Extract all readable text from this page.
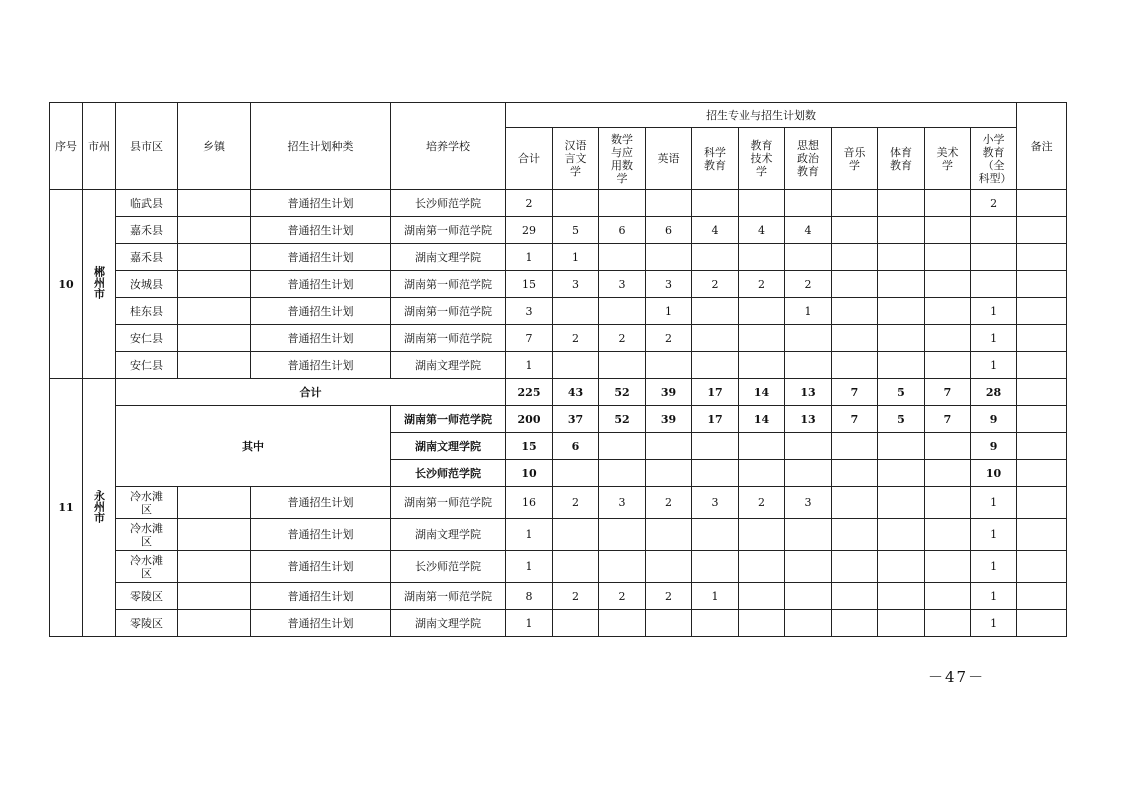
序号	市州	县市区	乡镇	招生计划种类	培养学校	招生专业与招生计划数											备注
						合计	汉语言文学	数学与应用数学	英语	科学教育	教育技术学	思想政治教育	音乐学	体育教育	美术学	小学教育（全科型）	

10	郴州市	临武县		普通招生计划	长沙师范学院	2										2	
		嘉禾县		普通招生计划	湖南第一师范学院	29	5	6	6	4	4	4					
		嘉禾县		普通招生计划	湖南文理学院	1	1										
		汝城县		普通招生计划	湖南第一师范学院	15	3	3	3	2	2	2					
		桂东县		普通招生计划	湖南第一师范学院	3			1			1				1	
		安仁县		普通招生计划	湖南第一师范学院	7	2	2	2							1	
		安仁县		普通招生计划	湖南文理学院	1										1	
11	永州市	合计				225	43	52	39	17	14	13	7	5	7	28	
		其中			湖南第一师范学院	200	37	52	39	17	14	13	7	5	7	9	
					湖南文理学院	15	6									9	
					长沙师范学院	10										10	

		冷水滩区		普通招生计划	湖南第一师范学院	16	2	3	2	3	2	3				1	

		冷水滩区		普通招生计划	湖南文理学院	1										1	

		冷水滩区		普通招生计划	长沙师范学院	1										1	

		零陵区		普通招生计划	湖南第一师范学院	8	2	2	2	1						1	

		零陵区		普通招生计划	湖南文理学院	1										1	
－47－
